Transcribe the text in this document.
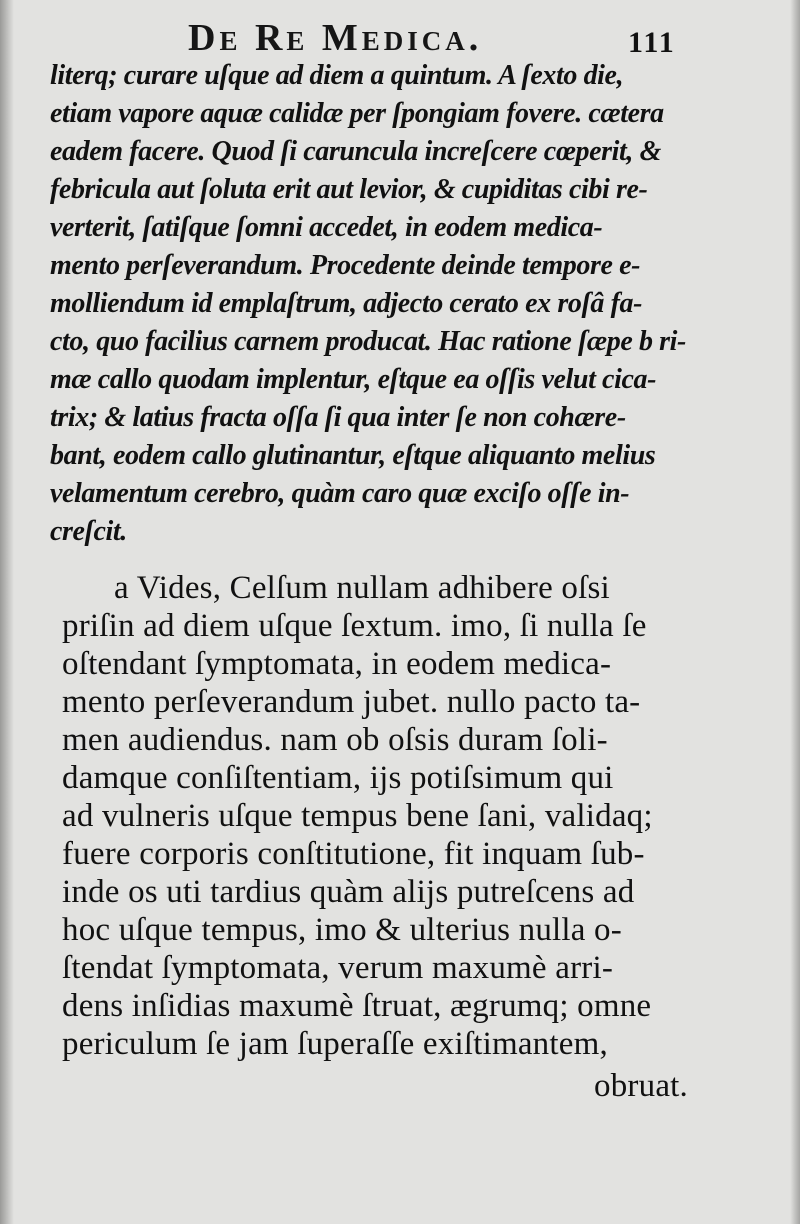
De Re Medica.	111
literq; curare uſque ad diem a quintum. A ſexto die,
etiam vapore aquæ calidæ per ſpongiam fovere. cætera
eadem facere. Quod ſi caruncula increſcere cœperit, &
febricula aut ſoluta erit aut levior, & cupiditas cibi re-
verterit, ſatiſque ſomni accedet, in eodem medica-
mento perſeverandum. Procedente deinde tempore e-
molliendum id emplaſtrum, adjecto cerato ex roſâ fa-
cto, quo facilius carnem producat. Hac ratione ſæpe b ri-
mæ callo quodam implentur, eſtque ea oſſis velut cica-
trix; & latius fracta oſſa ſi qua inter ſe non cohære-
bant, eodem callo glutinantur, eſtque aliquanto melius
velamentum cerebro, quàm caro quæ exciſo oſſe in-
creſcit.
a Vides, Celſum nullam adhibere oſsi
priſin ad diem uſque ſextum. imo, ſi nulla ſe
oſtendant ſymptomata, in eodem medica-
mento perſeverandum jubet. nullo pacto ta-
men audiendus. nam ob oſsis duram ſoli-
damque conſiſtentiam, ijs potiſsimum qui
ad vulneris uſque tempus bene ſani, validaq;
fuere corporis conſtitutione, fit inquam ſub-
inde os uti tardius quàm alijs putreſcens ad
hoc uſque tempus, imo & ulterius nulla o-
ſtendat ſymptomata, verum maxumè arri-
dens inſidias maxumè ſtruat, ægrumq; omne
periculum ſe jam ſuperaſſe exiſtimantem,
obruat.
